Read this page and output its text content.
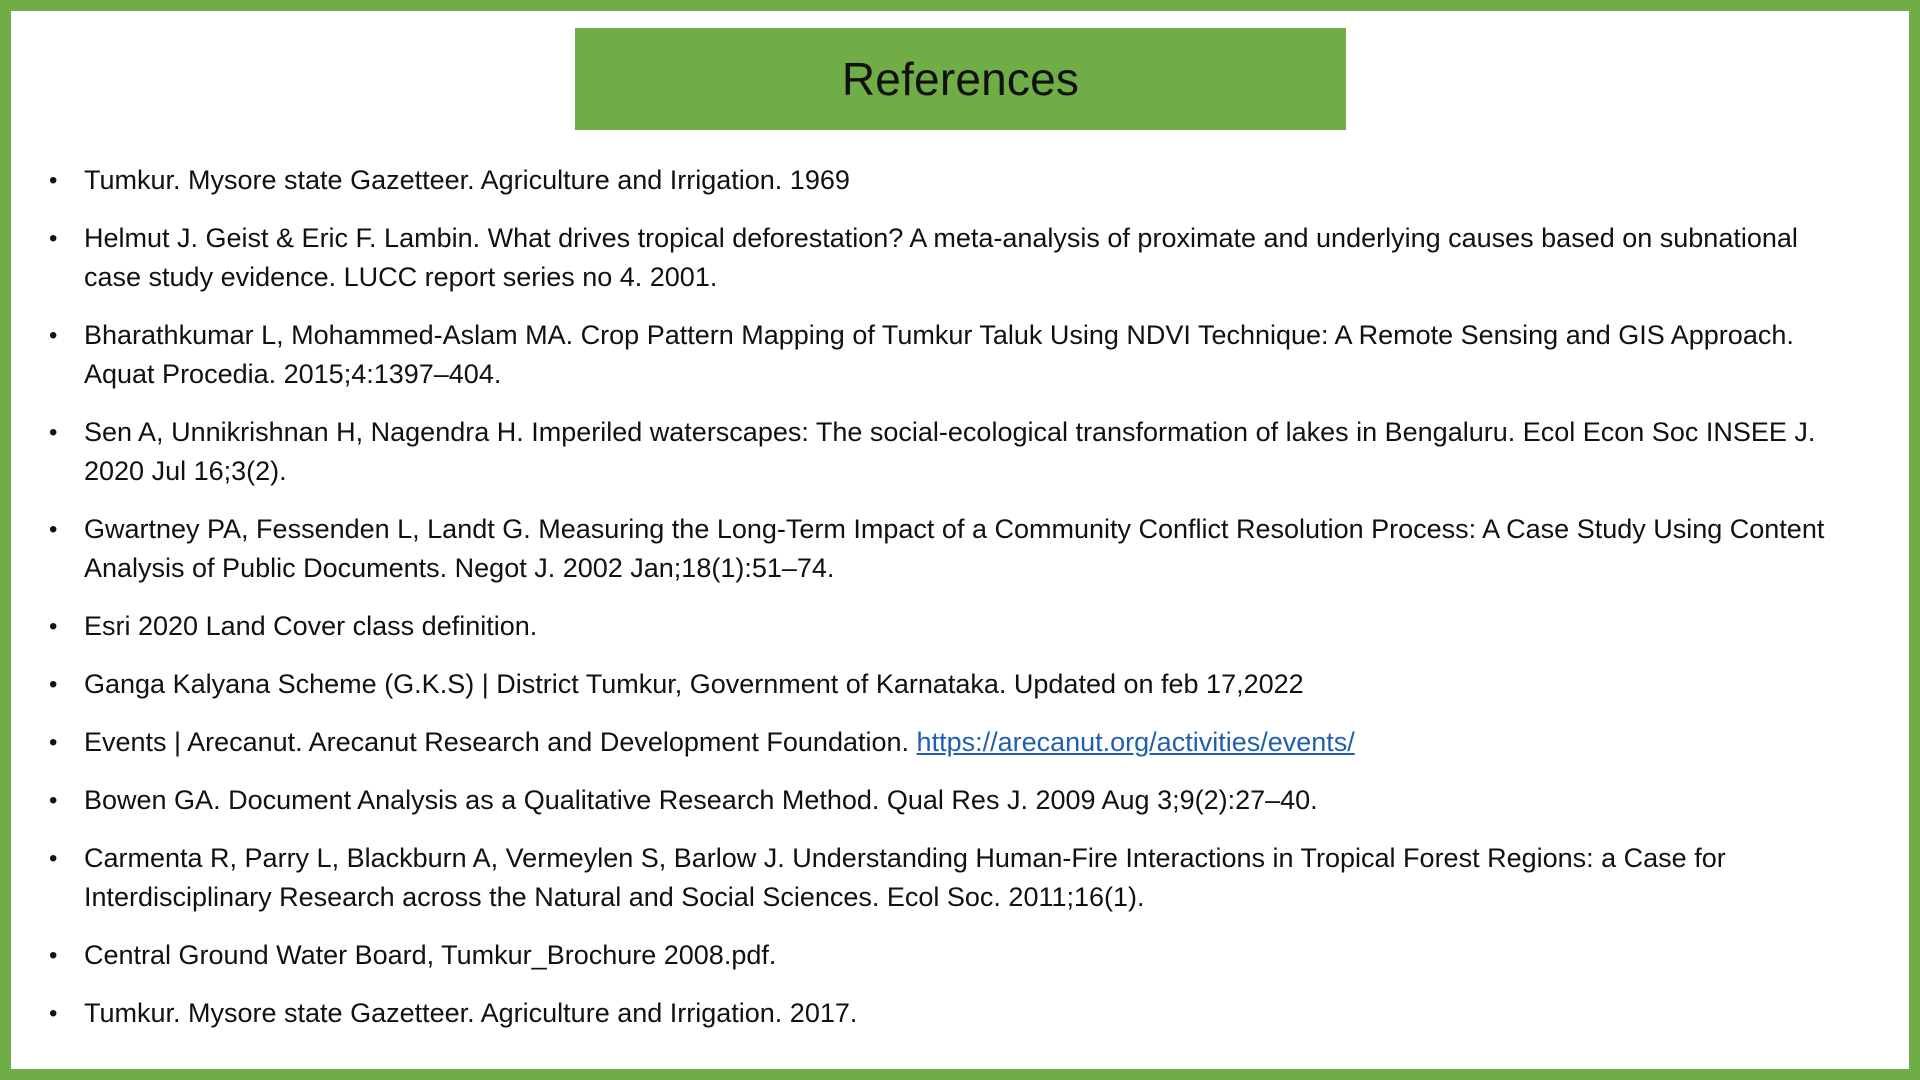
References
• Tumkur. Mysore state Gazetteer. Agriculture and Irrigation. 1969
• Helmut J. Geist & Eric F. Lambin. What drives tropical deforestation? A meta-analysis of proximate and underlying causes based on subnational case study evidence. LUCC report series no 4. 2001.
• Bharathkumar L, Mohammed-Aslam MA. Crop Pattern Mapping of Tumkur Taluk Using NDVI Technique: A Remote Sensing and GIS Approach. Aquat Procedia. 2015;4:1397–404.
• Sen A, Unnikrishnan H, Nagendra H. Imperiled waterscapes: The social-ecological transformation of lakes in Bengaluru. Ecol Econ Soc INSEE J. 2020 Jul 16;3(2).
• Gwartney PA, Fessenden L, Landt G. Measuring the Long-Term Impact of a Community Conflict Resolution Process: A Case Study Using Content Analysis of Public Documents. Negot J. 2002 Jan;18(1):51–74.
• Esri 2020 Land Cover class definition.
• Ganga Kalyana Scheme (G.K.S) | District Tumkur, Government of Karnataka. Updated on feb 17,2022
• Events | Arecanut. Arecanut Research and Development Foundation. https://arecanut.org/activities/events/
• Bowen GA. Document Analysis as a Qualitative Research Method. Qual Res J. 2009 Aug 3;9(2):27–40.
• Carmenta R, Parry L, Blackburn A, Vermeylen S, Barlow J. Understanding Human-Fire Interactions in Tropical Forest Regions: a Case for Interdisciplinary Research across the Natural and Social Sciences. Ecol Soc. 2011;16(1).
• Central Ground Water Board, Tumkur_Brochure 2008.pdf.
• Tumkur. Mysore state Gazetteer. Agriculture and Irrigation. 2017.
